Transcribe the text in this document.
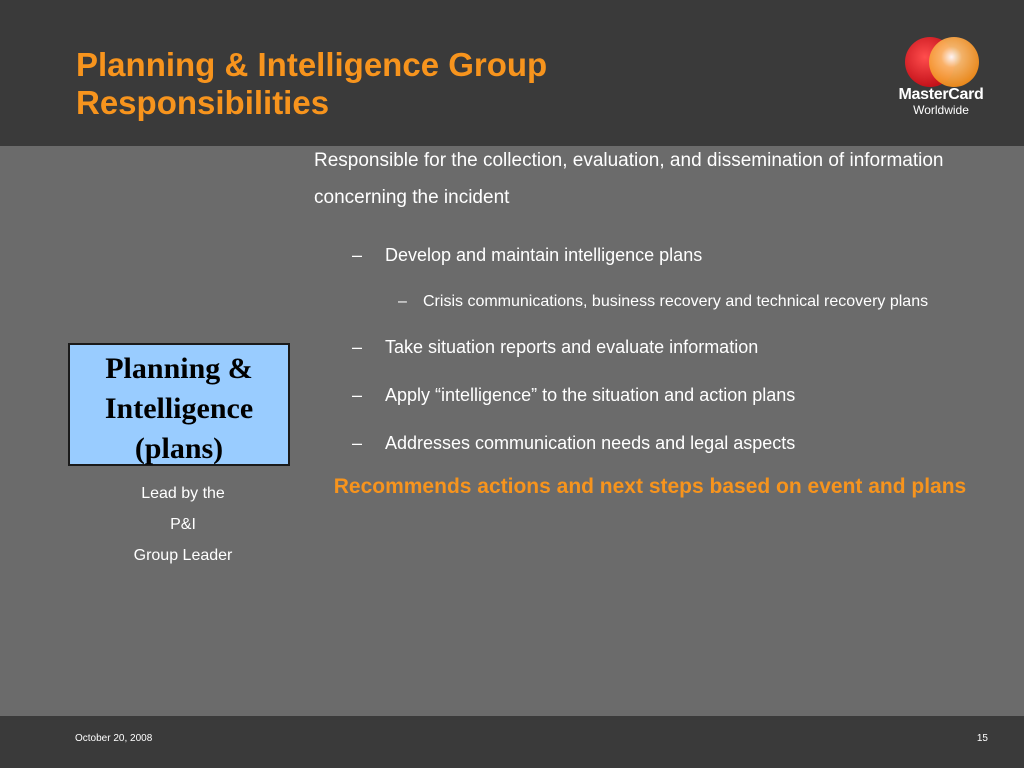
Planning & Intelligence Group
Responsibilities	MasterCard
Worldwide
Planning &
Intelligence
(plans)
Lead by the
P&I
Group Leader

Responsible for the collection, evaluation, and dissemination of information concerning the incident

– Develop and maintain intelligence plans
– Crisis communications, business recovery and technical recovery plans
– Take situation reports and evaluate information
– Apply “intelligence” to the situation and action plans
– Addresses communication needs and legal aspects

Recommends actions and next steps based on event and plans

October 20, 2008	15
